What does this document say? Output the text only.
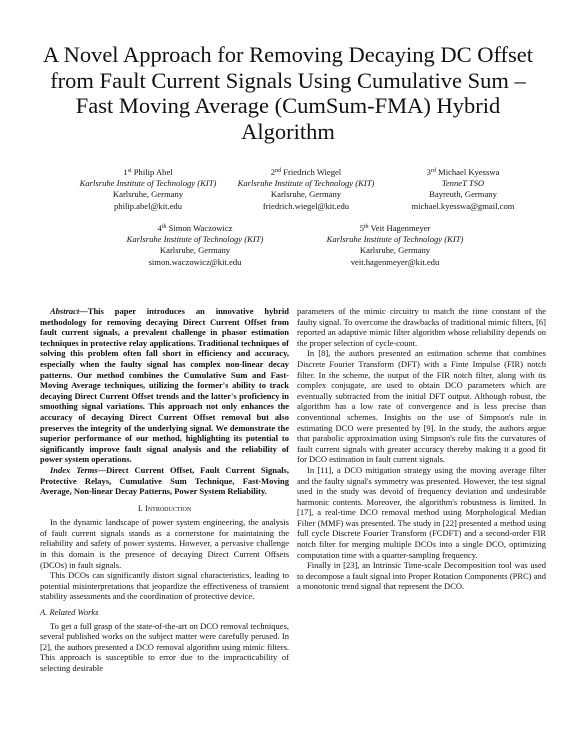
A Novel Approach for Removing Decaying DC Offset from Fault Current Signals Using Cumulative Sum – Fast Moving Average (CumSum-FMA) Hybrid Algorithm
1st Philip Abel
Karlsruhe Institute of Technology (KIT)
Karlsruhe, Germany
philip.abel@kit.edu
2nd Friedrich Wiegel
Karlsruhe Institute of Technology (KIT)
Karlsruhe, Germany
friedrich.wiegel@kit.edu
3rd Michael Kyesswa
TenneT TSO
Bayreuth, Germany
michael.kyesswa@gmail.com
4th Simon Waczowicz
Karlsruhe Institute of Technology (KIT)
Karlsruhe, Germany
simon.waczowicz@kit.edu
5th Veit Hagenmeyer
Karlsruhe Institute of Technology (KIT)
Karlsruhe, Germany
veit.hagenmeyer@kit.edu

Abstract—This paper introduces an innovative hybrid methodology for removing decaying Direct Current Offset from fault current signals, a prevalent challenge in phasor estimation techniques in protective relay applications. Traditional techniques of solving this problem often fall short in efficiency and accuracy, especially when the faulty signal has complex non-linear decay patterns. Our method combines the Cumulative Sum and Fast-Moving Average techniques, utilizing the former's ability to track decaying Direct Current Offset trends and the latter's proficiency in smoothing signal variations. This approach not only enhances the accuracy of decaying Direct Current Offset removal but also preserves the integrity of the underlying signal. We demonstrate the superior performance of our method, highlighting its potential to significantly improve fault signal analysis and the reliability of power system operations.

Index Terms—Direct Current Offset, Fault Current Signals, Protective Relays, Cumulative Sum Technique, Fast-Moving Average, Non-linear Decay Patterns, Power System Reliability.

I. Introduction

In the dynamic landscape of power system engineering, the analysis of fault current signals stands as a cornerstone for maintaining the reliability and safety of power systems. However, a pervasive challenge in this domain is the presence of decaying Direct Current Offsets (DCOs) in fault signals.

This DCOs can significantly distort signal characteristics, leading to potential misinterpretations that jeopardize the effectiveness of transient stability assessments and the coordination of protective device.

A. Related Works

To get a full grasp of the state-of-the-art on DCO removal techniques, several published works on the subject matter were carefully perused. In [2], the authors presented a DCO removal algorithm using mimic filters. This approach is susceptible to error due to the impracticability of selecting desirable

parameters of the mimic circuitry to match the time constant of the faulty signal. To overcome the drawbacks of traditional mimic filters, [6] reported an adaptive mimic filter algorithm whose reliability depends on the proper selection of cycle-count.

In [8], the authors presented an estimation scheme that combines Discrete Fourier Transform (DFT) with a Finte Impulse (FIR) notch filter. In the scheme, the output of the FIR notch filter, along with its complex conjugate, are used to obtain DCO parameters which are eventually subtracted from the initial DFT output. Although robust, the algorithm has a low rate of convergence and is less precise than conventional schemes. Insights on the use of Simpson's rule in estimating DCO were presented by [9]. In the study, the authors argue that parabolic approximation using Simpson's rule fits the curvatures of fault current signals with greater accuracy thereby making it a good fit for DCO estimation in fault current signals.

In [11], a DCO mitigation strategy using the moving average filter and the faulty signal's symmetry was presented. However, the test signal used in the study was devoid of frequency deviation and undesirable harmonic contents. Moreover, the algorithm's robustness is limited. In [17], a real-time DCO removal method using Morphological Median Filter (MMF) was presented. The study in [22] presented a method using full cycle Discrete Fourier Transform (FCDFT) and a second-order FIR notch filter for merging multiple DCOs into a single DCO, optimizing computation time with a quarter-sampling frequency.

Finally in [23], an Intrinsic Time-scale Decomposition tool was used to decompose a fault signal into Proper Rotation Components (PRC) and a monotonic trend signal that represent the DCO.
